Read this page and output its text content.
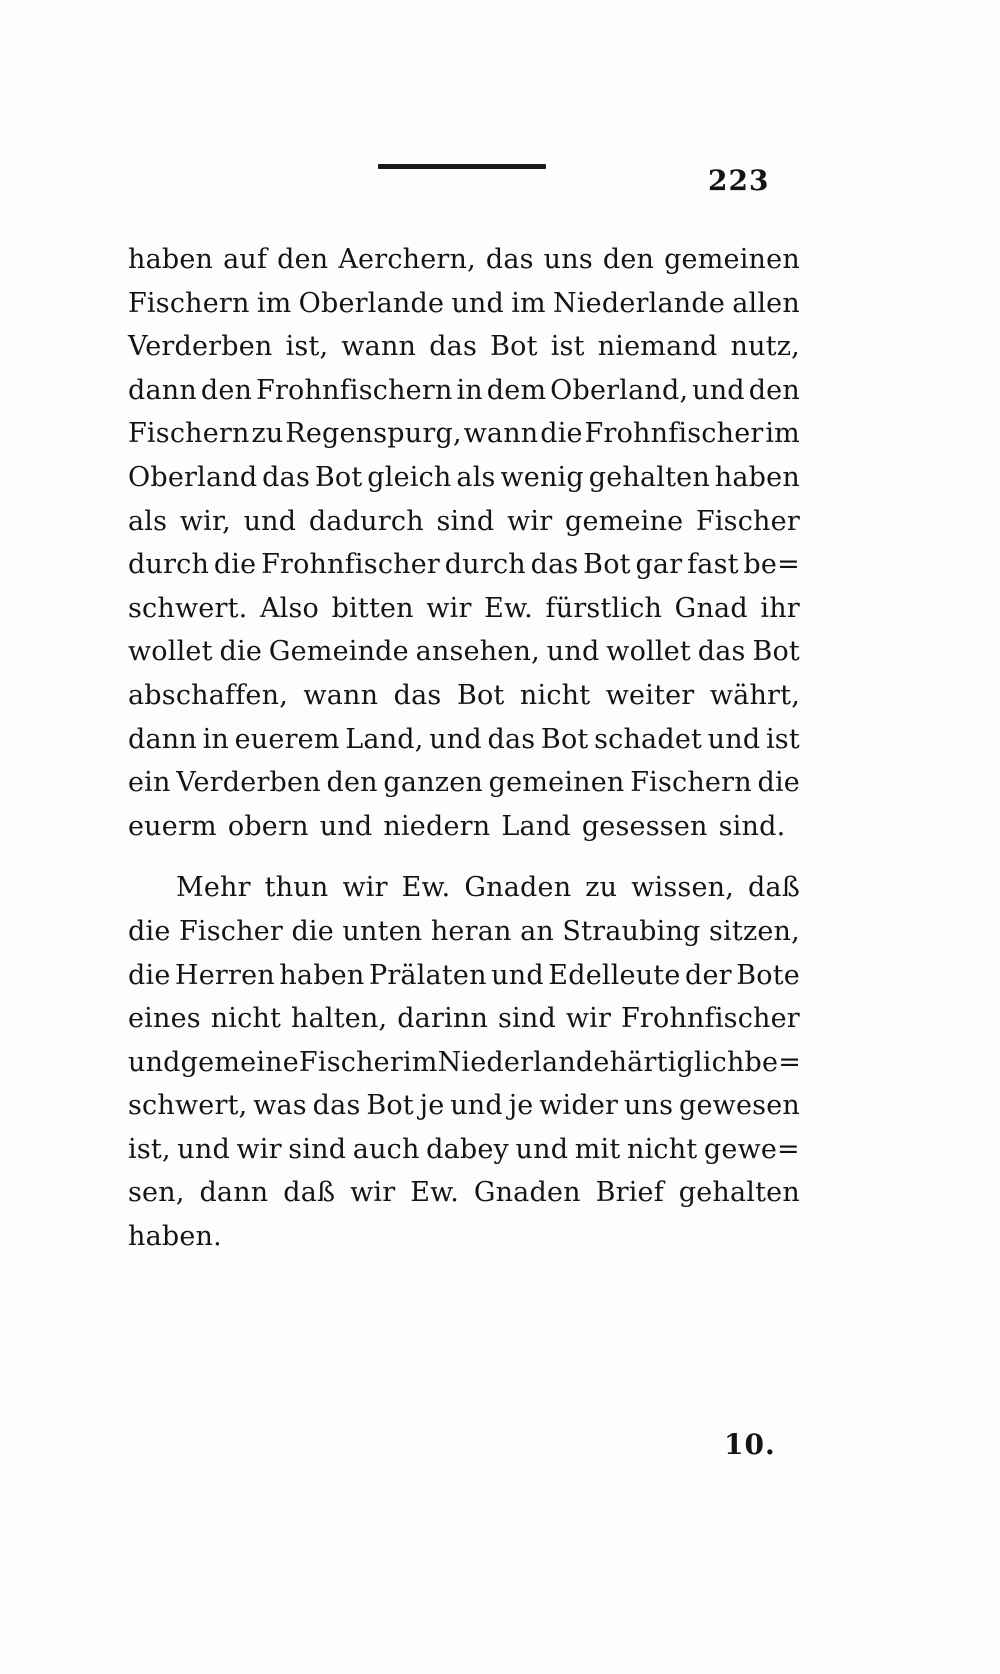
223
haben auf den Aerchern, das uns den gemeinen
Fischern im Oberlande und im Niederlande allen
Verderben ist, wann das Bot ist niemand nutz,
dann den Frohnfischern in dem Oberland, und den
Fischern zu Regenspurg, wann die Frohnfischer im
Oberland das Bot gleich als wenig gehalten haben
als wir, und dadurch sind wir gemeine Fischer
durch die Frohnfischer durch das Bot gar fast be=
schwert. Also bitten wir Ew. fürstlich Gnad ihr
wollet die Gemeinde ansehen, und wollet das Bot
abschaffen, wann das Bot nicht weiter währt,
dann in euerem Land, und das Bot schadet und ist
ein Verderben den ganzen gemeinen Fischern die
euerm obern und niedern Land gesessen sind.
Mehr thun wir Ew. Gnaden zu wissen, daß
die Fischer die unten heran an Straubing sitzen,
die Herren haben Prälaten und Edelleute der Bote
eines nicht halten, darinn sind wir Frohnfischer
und gemeine Fischer im Niederlande härtiglich be=
schwert, was das Bot je und je wider uns gewesen
ist, und wir sind auch dabey und mit nicht gewe=
sen, dann daß wir Ew. Gnaden Brief gehalten
haben.
10.
